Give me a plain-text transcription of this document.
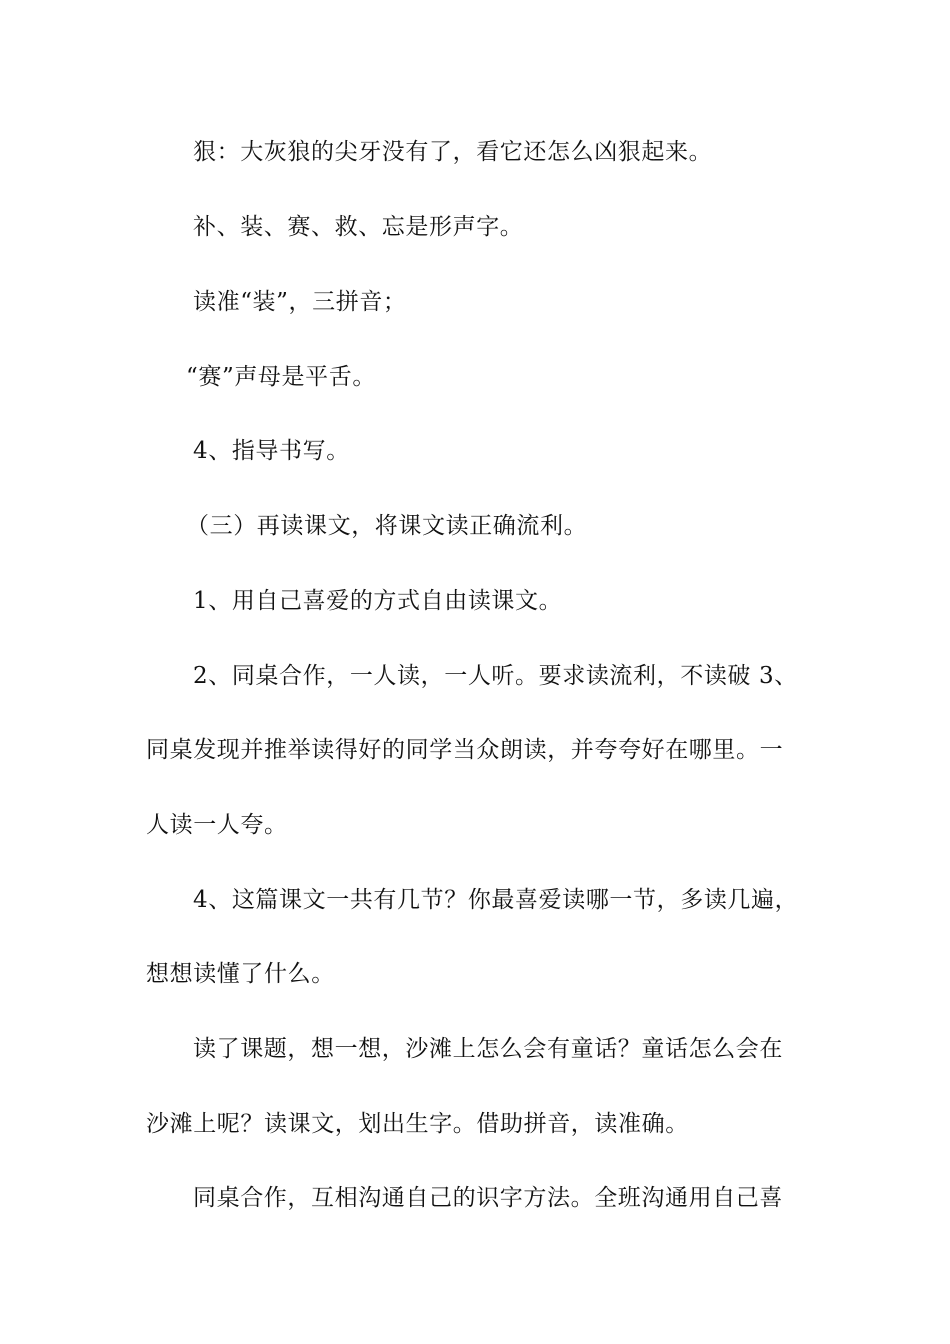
狠：大灰狼的尖牙没有了，看它还怎么凶狠起来。
补、装、赛、救、忘是形声字。
读准“装”，三拼音；
“赛”声母是平舌。
4、指导书写。
（三）再读课文，将课文读正确流利。
1、用自己喜爱的方式自由读课文。
2、同桌合作，一人读，一人听。要求读流利，不读破 3、
同桌发现并推举读得好的同学当众朗读，并夸夸好在哪里。一
人读一人夸。
4、这篇课文一共有几节？你最喜爱读哪一节，多读几遍，
想想读懂了什么。
读了课题，想一想，沙滩上怎么会有童话？童话怎么会在
沙滩上呢？读课文，划出生字。借助拼音，读准确。
同桌合作，互相沟通自己的识字方法。全班沟通用自己喜
